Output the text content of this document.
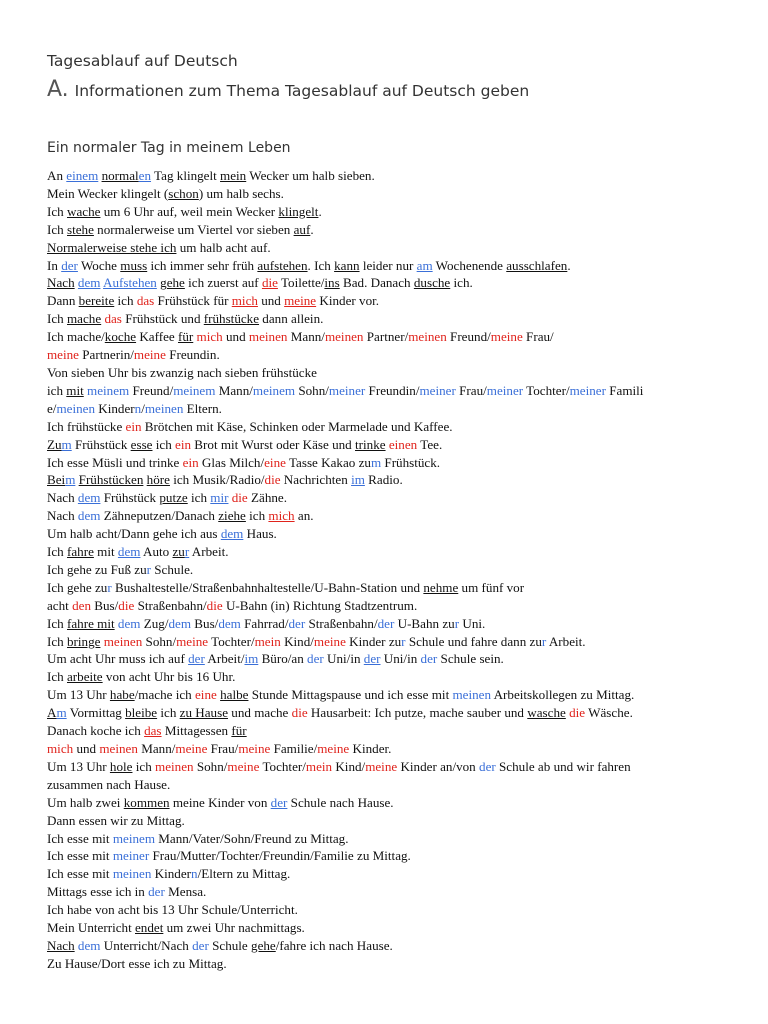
Tagesablauf auf Deutsch
A. Informationen zum Thema Tagesablauf auf Deutsch geben
Ein normaler Tag in meinem Leben
An einem normalen Tag klingelt mein Wecker um halb sieben.
Mein Wecker klingelt (schon) um halb sechs.
Ich wache um 6 Uhr auf, weil mein Wecker klingelt.
Ich stehe normalerweise um Viertel vor sieben auf.
Normalerweise stehe ich um halb acht auf.
In der Woche muss ich immer sehr früh aufstehen. Ich kann leider nur am Wochenende ausschlafen.
Nach dem Aufstehen gehe ich zuerst auf die Toilette/ins Bad. Danach dusche ich.
Dann bereite ich das Frühstück für mich und meine Kinder vor.
Ich mache das Frühstück und frühstücke dann allein.
Ich mache/koche Kaffee für mich und meinen Mann/meinen Partner/meinen Freund/meine Frau/
meine Partnerin/meine Freundin.
Von sieben Uhr bis zwanzig nach sieben frühstücke
ich mit meinem Freund/meinem Mann/meinem Sohn/meiner Freundin/meiner Frau/meiner Tochter/meiner Famili
e/meinen Kindern/meinen Eltern.
Ich frühstücke ein Brötchen mit Käse, Schinken oder Marmelade und Kaffee.
Zum Frühstück esse ich ein Brot mit Wurst oder Käse und trinke einen Tee.
Ich esse Müsli und trinke ein Glas Milch/eine Tasse Kakao zum Frühstück.
Beim Frühstücken höre ich Musik/Radio/die Nachrichten im Radio.
Nach dem Frühstück putze ich mir die Zähne.
Nach dem Zähneputzen/Danach ziehe ich mich an.
Um halb acht/Dann gehe ich aus dem Haus.
Ich fahre mit dem Auto zur Arbeit.
Ich gehe zu Fuß zur Schule.
Ich gehe zur Bushaltestelle/Straßenbahnhaltestelle/U-Bahn-Station und nehme um fünf vor
acht den Bus/die Straßenbahn/die U-Bahn (in) Richtung Stadtzentrum.
Ich fahre mit dem Zug/dem Bus/dem Fahrrad/der Straßenbahn/der U-Bahn zur Uni.
Ich bringe meinen Sohn/meine Tochter/mein Kind/meine Kinder zur Schule und fahre dann zur Arbeit.
Um acht Uhr muss ich auf der Arbeit/im Büro/an der Uni/in der Uni/in der Schule sein.
Ich arbeite von acht Uhr bis 16 Uhr.
Um 13 Uhr habe/mache ich eine halbe Stunde Mittagspause und ich esse mit meinen Arbeitskollegen zu Mittag.
Am Vormittag bleibe ich zu Hause und mache die Hausarbeit: Ich putze, mache sauber und wasche die Wäsche.
Danach koche ich das Mittagessen für
mich und meinen Mann/meine Frau/meine Familie/meine Kinder.
Um 13 Uhr hole ich meinen Sohn/meine Tochter/mein Kind/meine Kinder an/von der Schule ab und wir fahren
zusammen nach Hause.
Um halb zwei kommen meine Kinder von der Schule nach Hause.
Dann essen wir zu Mittag.
Ich esse mit meinem Mann/Vater/Sohn/Freund zu Mittag.
Ich esse mit meiner Frau/Mutter/Tochter/Freundin/Familie zu Mittag.
Ich esse mit meinen Kindern/Eltern zu Mittag.
Mittags esse ich in der Mensa.
Ich habe von acht bis 13 Uhr Schule/Unterricht.
Mein Unterricht endet um zwei Uhr nachmittags.
Nach dem Unterricht/Nach der Schule gehe/fahre ich nach Hause.
Zu Hause/Dort esse ich zu Mittag.
